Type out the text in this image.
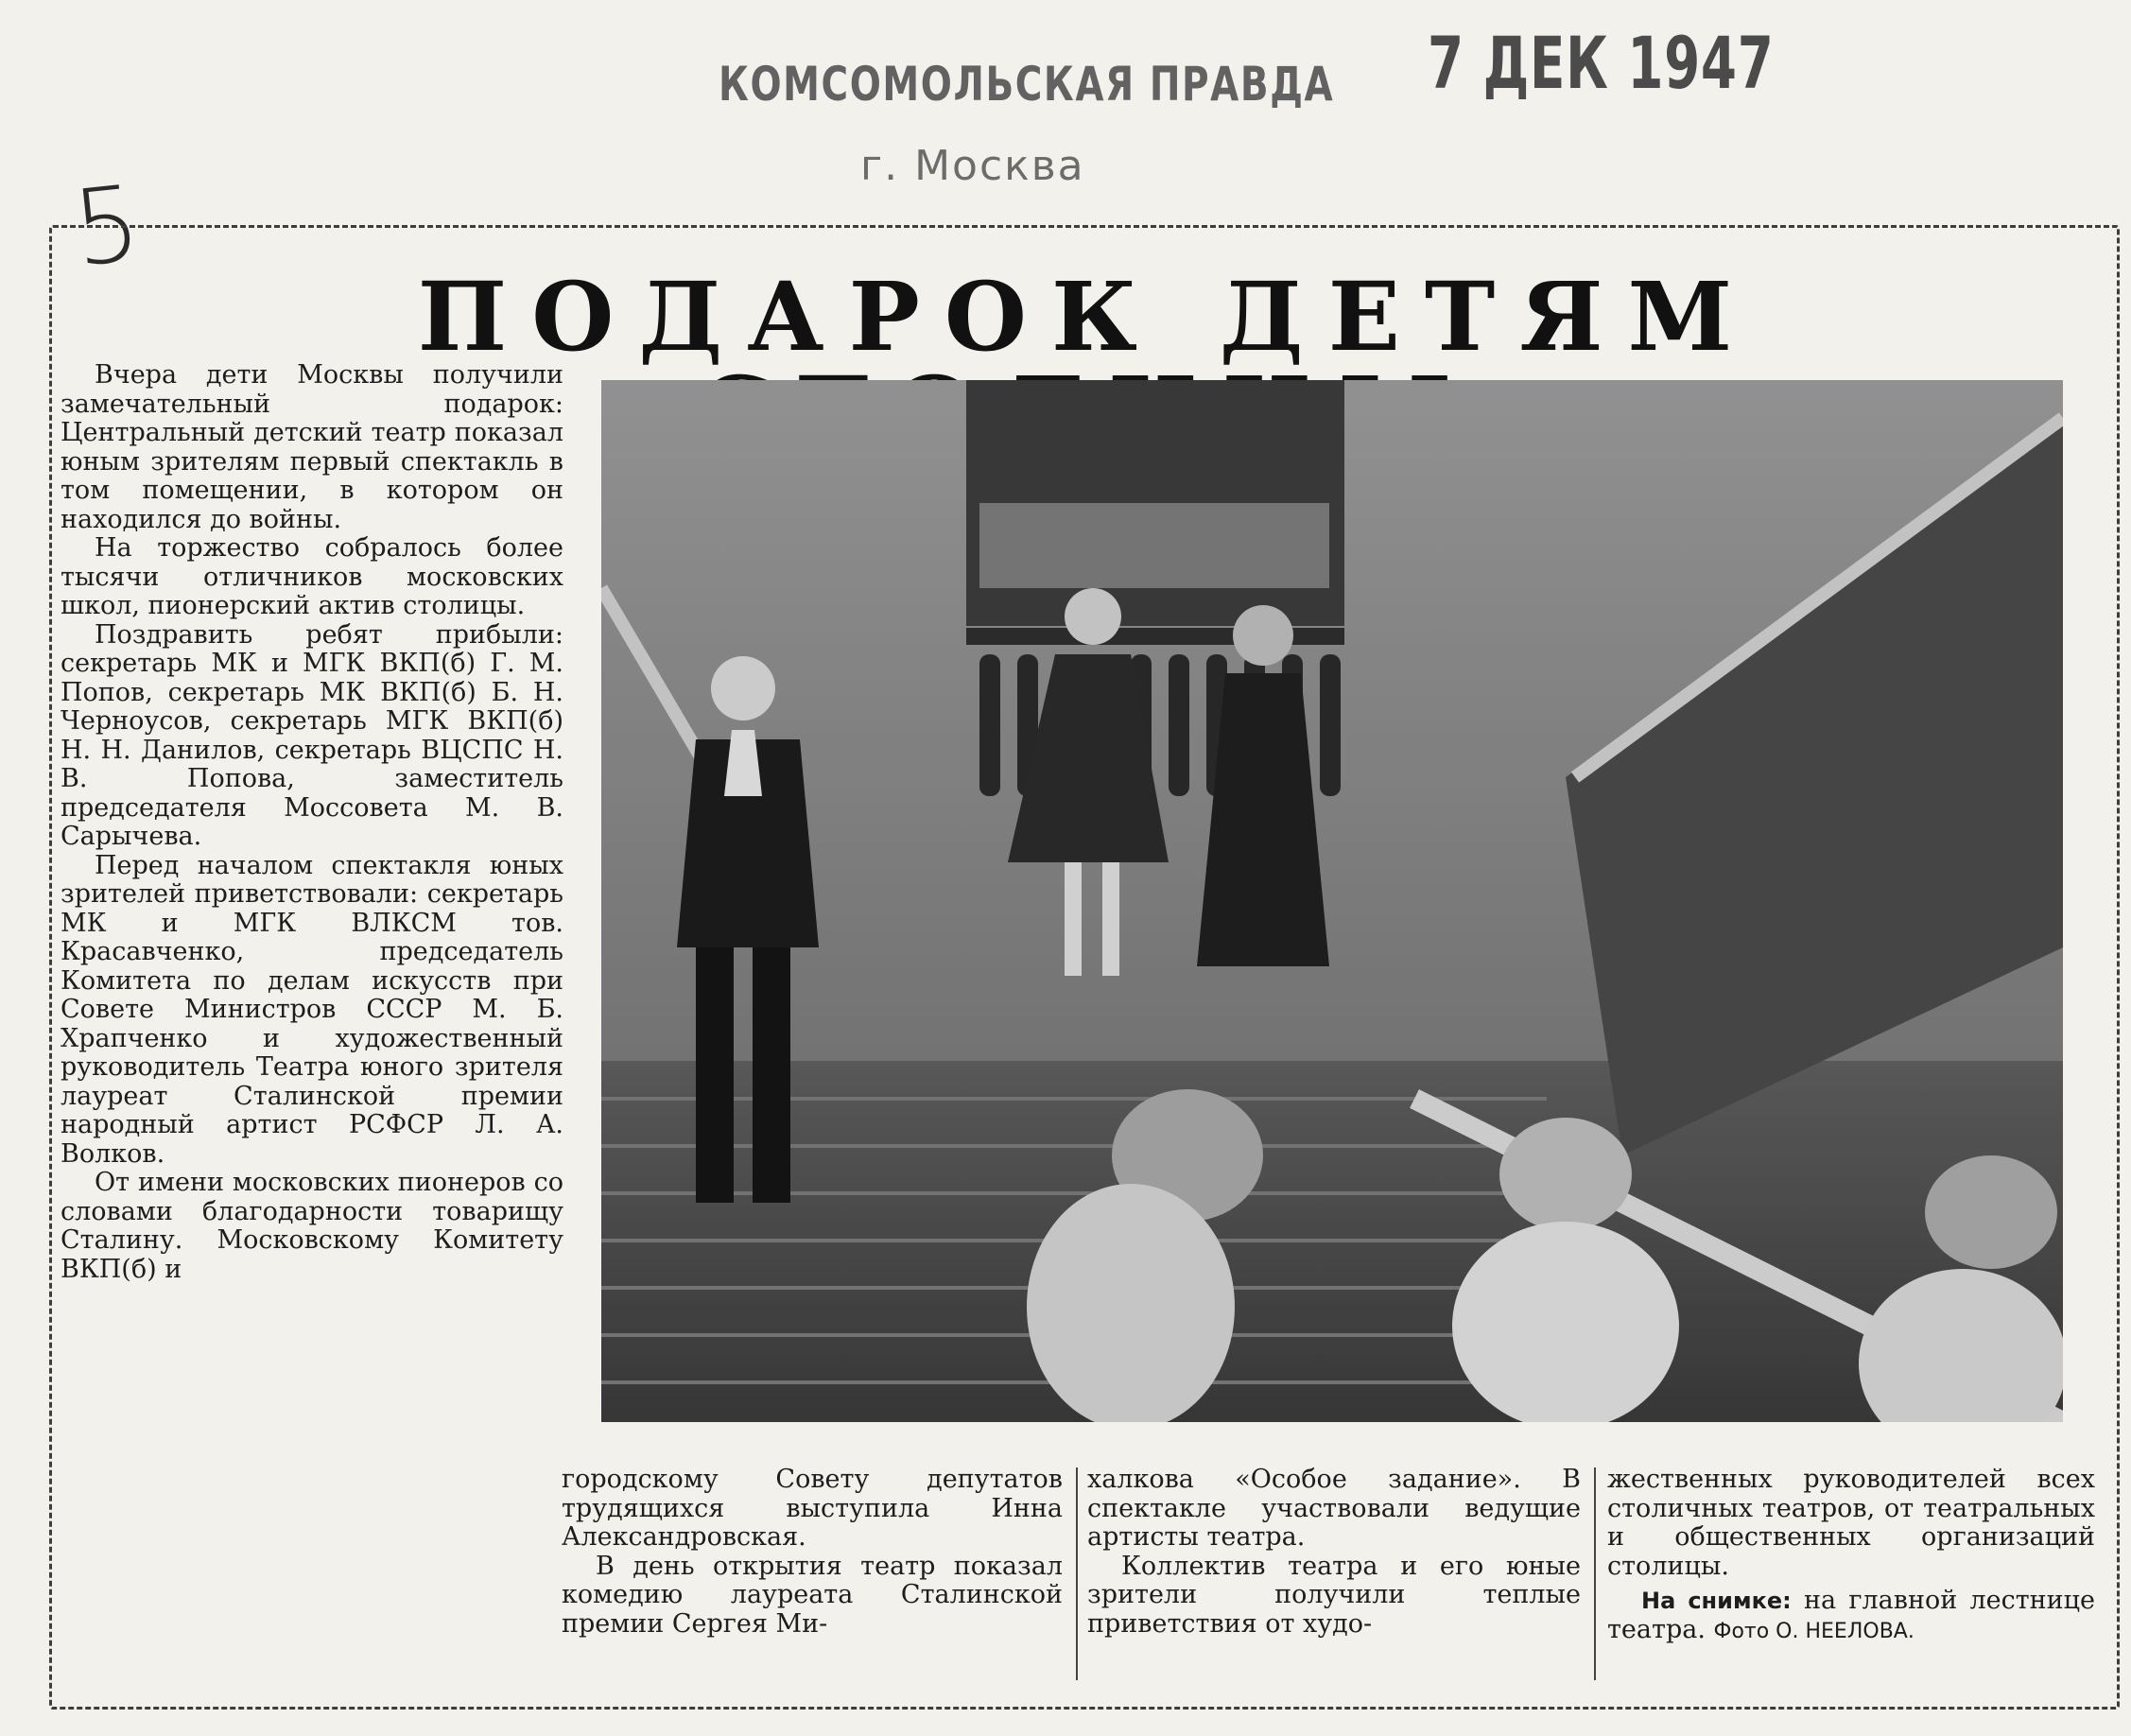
КОМСОМОЛЬСКАЯ ПРАВДА
г. Москва
7 ДЕК 1947
5
ПОДАРОК ДЕТЯМ

Вчера дети Москвы получили замечательный подарок: Центральный детский театр показал юным зрителям первый спектакль в том помещении, в котором он находился до войны.

На торжество собралось более тысячи отличников московских школ, пионерский актив столицы.

Поздравить ребят прибыли: секретарь МК и МГК ВКП(б) Г. М. Попов, секретарь МК ВКП(б) Б. Н. Черноусов, секретарь МГК ВКП(б) Н. Н. Данилов, секретарь ВЦСПС Н. В. Попова, заместитель председателя Моссовета М. В. Сарычева.

Перед началом спектакля юных зрителей приветствовали: секретарь МК и МГК ВЛКСМ тов. Красавченко, председатель Комитета по делам искусств при Совете Министров СССР М. Б. Храпченко и художественный руководитель Театра юного зрителя лауреат Сталинской премии народный артист РСФСР Л. А. Волков.

От имени московских пионеров со словами благодарности товарищу Сталину. Московскому Комитету ВКП(б) и

городскому Совету депутатов трудящихся выступила Инна Александровская.

В день открытия театр показал комедию лауреата Сталинской премии Сергея Ми-

халкова «Особое задание». В спектакле участвовали ведущие артисты театра.

Коллектив театра и его юные зрители получили теплые приветствия от худо-

жественных руководителей всех столичных театров, от театральных и общественных организаций столицы.

На снимке: на главной лестнице театра. Фото О. НЕЕЛОВА.
